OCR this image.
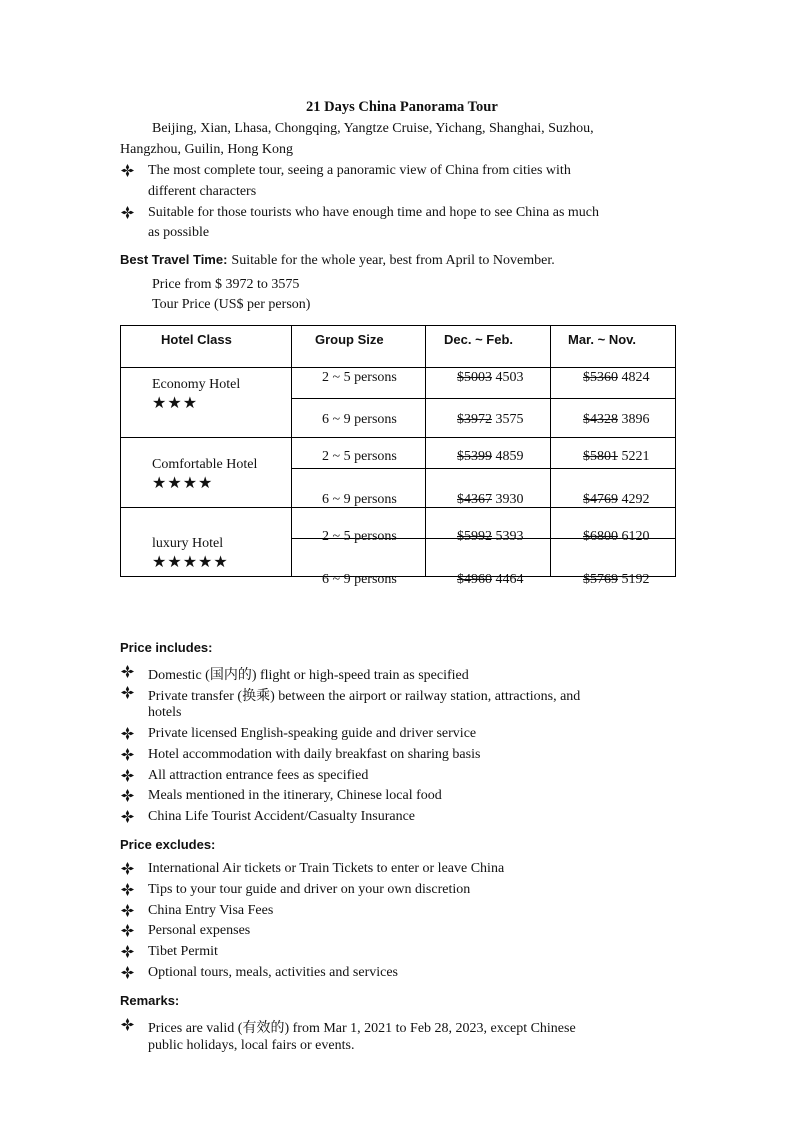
21 Days China Panorama Tour
Beijing, Xian, Lhasa, Chongqing, Yangtze Cruise, Yichang, Shanghai, Suzhou,
Hangzhou, Guilin, Hong Kong
The most complete tour, seeing a panoramic view of China from cities with
different characters
Suitable for those tourists who have enough time and hope to see China as much
as possible
Best Travel Time: Suitable for the whole year, best from April to November.
Price from $ 3972 to 3575
Tour Price (US$ per person)
Hotel Class	Group Size	Dec. ~ Feb.	Mar. ~ Nov.
Economy Hotel
★★★
2 ~ 5 persons	$5003 4503	$5360 4824
6 ~ 9 persons	$3972 3575	$4328 3896
Comfortable Hotel
★★★★
2 ~ 5 persons	$5399 4859	$5801 5221
6 ~ 9 persons	$4367 3930	$4769 4292
luxury Hotel
★★★★★
2 ~ 5 persons	$5992 5393	$6800 6120
6 ~ 9 persons	$4960 4464	$5769 5192
Price includes:
Domestic (国内的) flight or high-speed train as specified
Private transfer (换乘) between the airport or railway station, attractions, and
hotels
Private licensed English-speaking guide and driver service
Hotel accommodation with daily breakfast on sharing basis
All attraction entrance fees as specified
Meals mentioned in the itinerary, Chinese local food
China Life Tourist Accident/Casualty Insurance
Price excludes:
International Air tickets or Train Tickets to enter or leave China
Tips to your tour guide and driver on your own discretion
China Entry Visa Fees
Personal expenses
Tibet Permit
Optional tours, meals, activities and services
Remarks:
Prices are valid (有效的) from Mar 1, 2021 to Feb 28, 2023, except Chinese
public holidays, local fairs or events.
